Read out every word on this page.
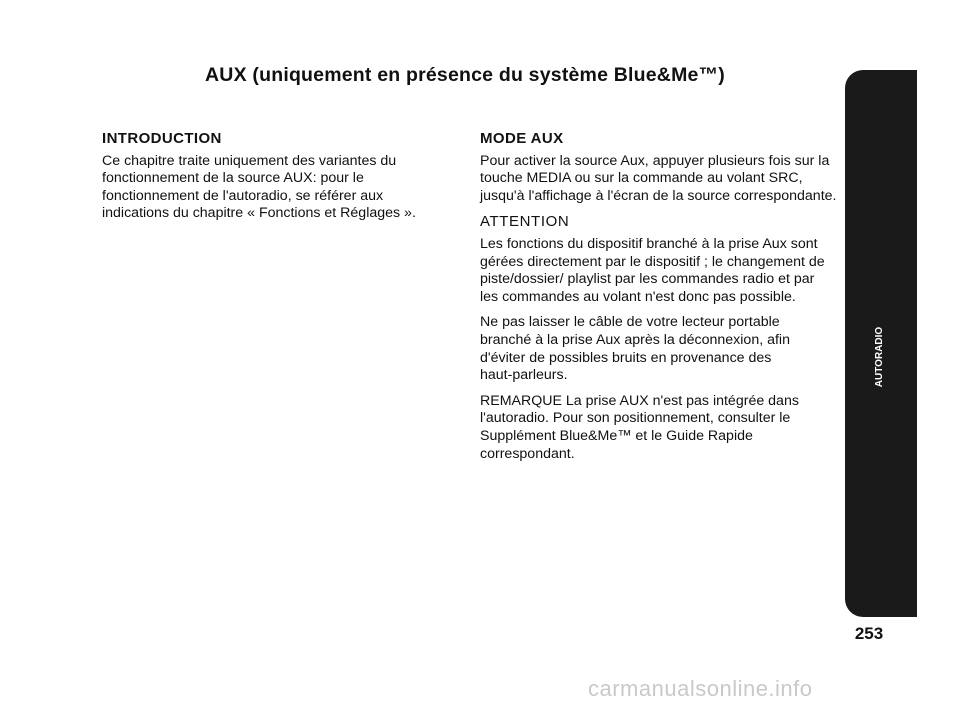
AUX (uniquement en présence du système Blue&Me™)
INTRODUCTION
Ce chapitre traite uniquement des variantes du
fonctionnement de la source AUX: pour le
fonctionnement de l'autoradio, se référer aux
indications du chapitre « Fonctions et Réglages ».
MODE AUX
Pour activer la source Aux, appuyer plusieurs fois sur la
touche MEDIA ou sur la commande au volant SRC,
jusqu'à l'affichage à l'écran de la source correspondante.
ATTENTION
Les fonctions du dispositif branché à la prise Aux sont
gérées directement par le dispositif ; le changement de
piste/dossier/ playlist par les commandes radio et par
les commandes au volant n'est donc pas possible.
Ne pas laisser le câble de votre lecteur portable
branché à la prise Aux après la déconnexion, afin
d'éviter de possibles bruits en provenance des
haut-parleurs.
REMARQUE La prise AUX n'est pas intégrée dans
l'autoradio. Pour son positionnement, consulter le
Supplément Blue&Me™ et le Guide Rapide
correspondant.
AUTORADIO
253
carmanualsonline.info
